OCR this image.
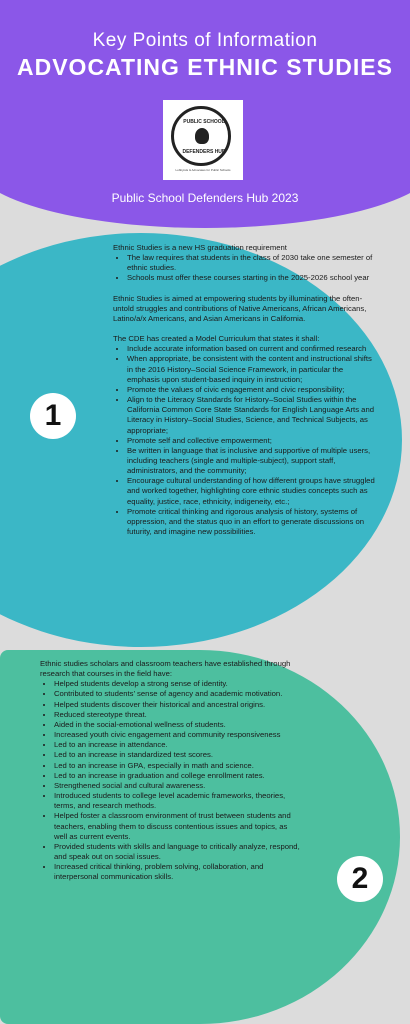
Key Points of Information
ADVOCATING ETHNIC STUDIES
PUBLIC SCHOOL
DEFENDERS HUB
Lobbyists & Advocates for Public Schools
Public School Defenders Hub 2023
1
2

Ethnic Studies is a new HS graduation requirement

• The law requires that students in the class of 2030 take one semester of ethnic studies.
• Schools must offer these courses starting in the 2025-2026 school year

Ethnic Studies is aimed at empowering students by illuminating the often-untold struggles and contributions of Native Americans, African Americans, Latino/a/x Americans, and Asian Americans in California.

The CDE has created a Model Curriculum that states it shall:

• Include accurate information based on current and confirmed research
• When appropriate, be consistent with the content and instructional shifts in the 2016 History–Social Science Framework, in particular the emphasis upon student-based inquiry in instruction;
• Promote the values of civic engagement and civic responsibility;
• Align to the Literacy Standards for History–Social Studies within the California Common Core State Standards for English Language Arts and Literacy in History–Social Studies, Science, and Technical Subjects, as appropriate;
• Promote self and collective empowerment;
• Be written in language that is inclusive and supportive of multiple users, including teachers (single and multiple-subject), support staff, administrators, and the community;
• Encourage cultural understanding of how different groups have struggled and worked together, highlighting core ethnic studies concepts such as equality, justice, race, ethnicity, indigeneity, etc.;
• Promote critical thinking and rigorous analysis of history, systems of oppression, and the status quo in an effort to generate discussions on futurity, and imagine new possibilities.

Ethnic studies scholars and classroom teachers have established through research that courses in the field have:

• Helped students develop a strong sense of identity.
• Contributed to students’ sense of agency and academic motivation.
• Helped students discover their historical and ancestral origins.
• Reduced stereotype threat.
• Aided in the social-emotional wellness of students.
• Increased youth civic engagement and community responsiveness
• Led to an increase in attendance.
• Led to an increase in standardized test scores.
• Led to an increase in GPA, especially in math and science.
• Led to an increase in graduation and college enrollment rates.
• Strengthened social and cultural awareness.
• Introduced students to college level academic frameworks, theories, terms, and research methods.
• Helped foster a classroom environment of trust between students and teachers, enabling them to discuss contentious issues and topics, as well as current events.
• Provided students with skills and language to critically analyze, respond, and speak out on social issues.
• Increased critical thinking, problem solving, collaboration, and interpersonal communication skills.
